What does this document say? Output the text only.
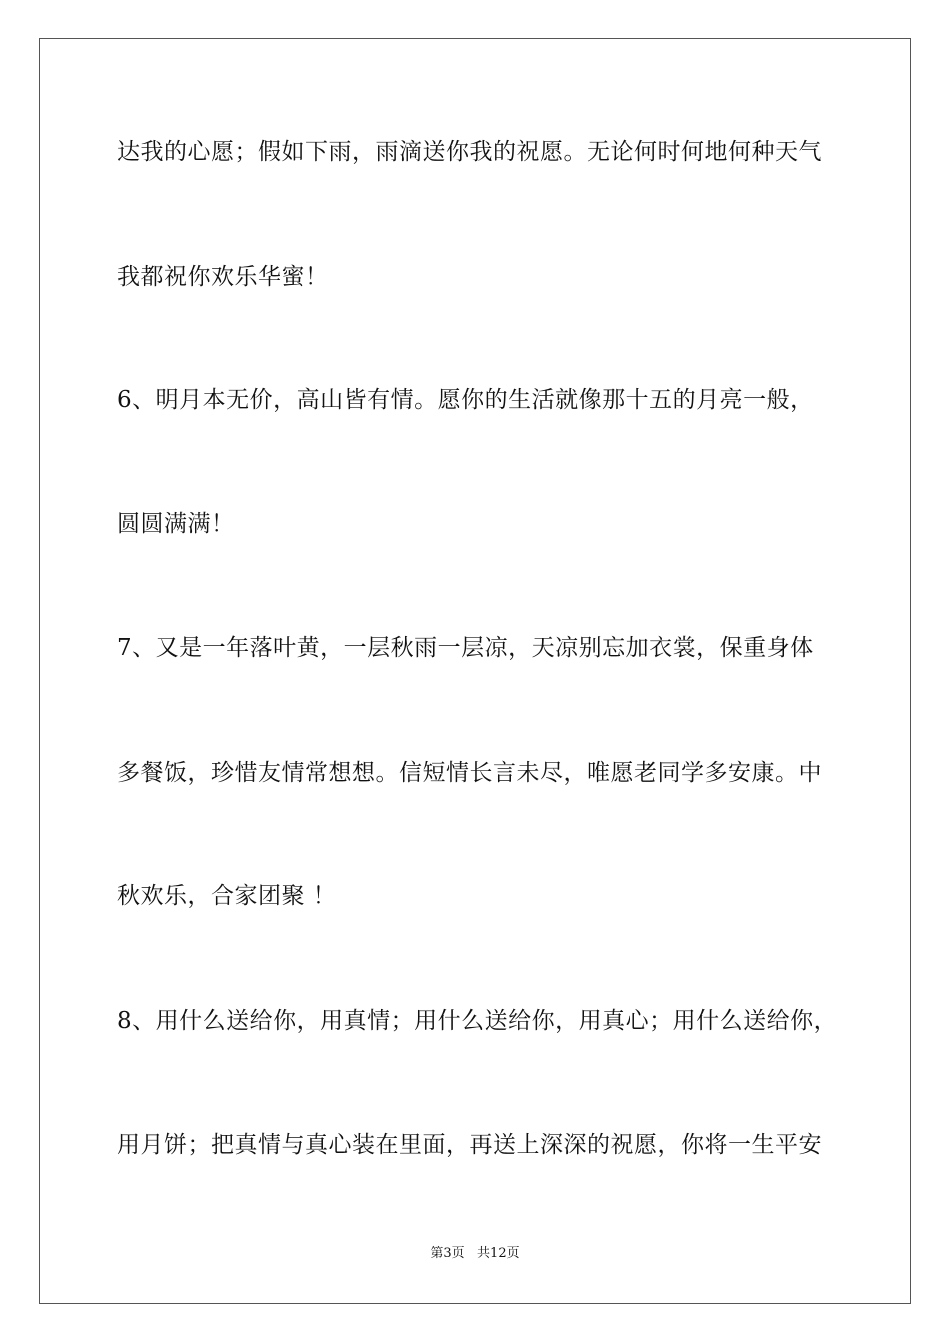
达我的心愿；假如下雨，雨滴送你我的祝愿。无论何时何地何种天气
我都祝你欢乐华蜜！
6、明月本无价，高山皆有情。愿你的生活就像那十五的月亮一般，
圆圆满满！
7、又是一年落叶黄，一层秋雨一层凉，天凉别忘加衣裳，保重身体
多餐饭，珍惜友情常想想。信短情长言未尽，唯愿老同学多安康。中
秋欢乐，合家团聚 ！
8、用什么送给你，用真情；用什么送给你，用真心；用什么送给你，
用月饼；把真情与真心装在里面，再送上深深的祝愿，你将一生平安
第3页   共12页
